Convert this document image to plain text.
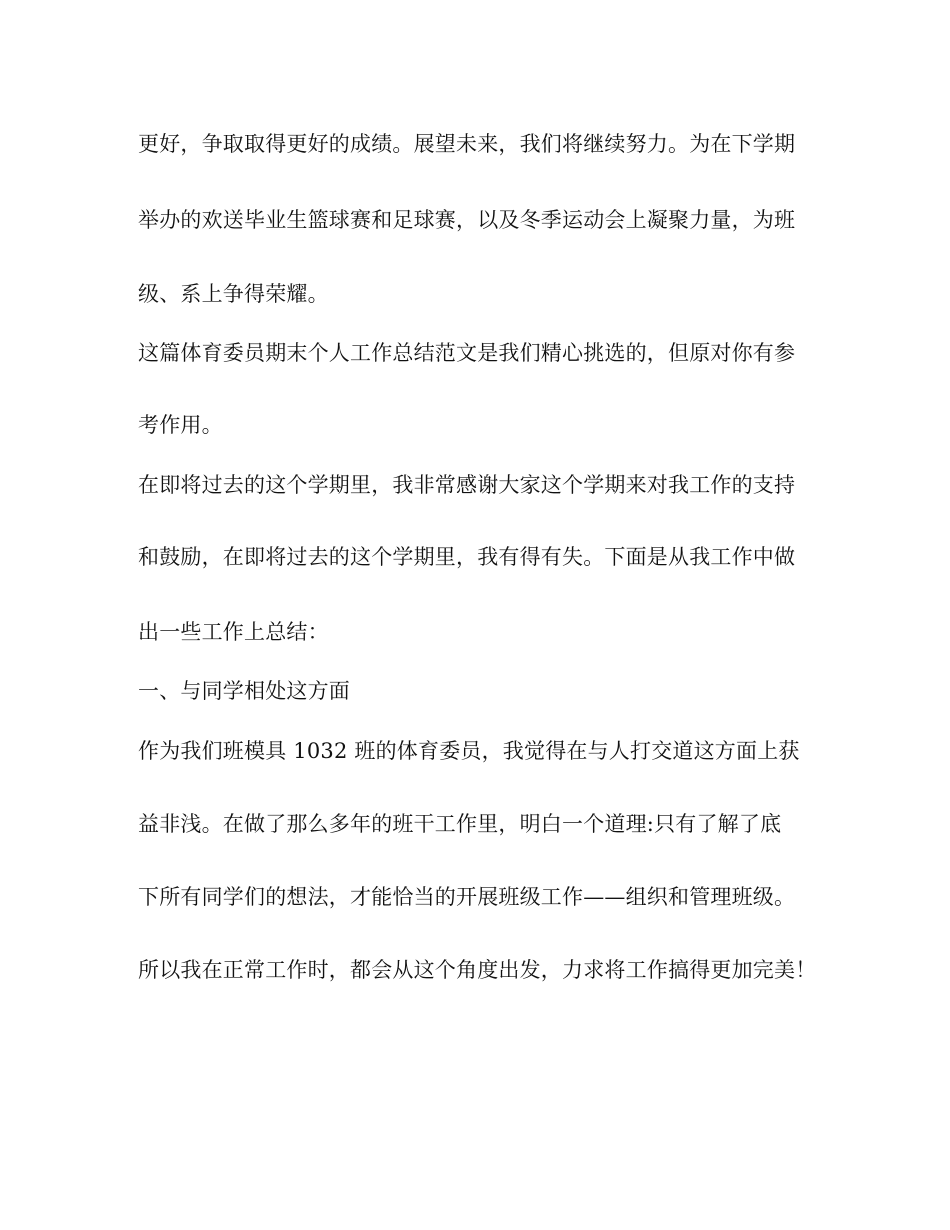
更好，争取取得更好的成绩。展望未来，我们将继续努力。为在下学期
举办的欢送毕业生篮球赛和足球赛，以及冬季运动会上凝聚力量，为班
级、系上争得荣耀。
这篇体育委员期末个人工作总结范文是我们精心挑选的，但原对你有参
考作用。
在即将过去的这个学期里，我非常感谢大家这个学期来对我工作的支持
和鼓励，在即将过去的这个学期里，我有得有失。下面是从我工作中做
出一些工作上总结：
一、与同学相处这方面
作为我们班模具 1032 班的体育委员，我觉得在与人打交道这方面上获
益非浅。在做了那么多年的班干工作里，明白一个道理:只有了解了底
下所有同学们的想法，才能恰当的开展班级工作——组织和管理班级。
所以我在正常工作时，都会从这个角度出发，力求将工作搞得更加完美！
